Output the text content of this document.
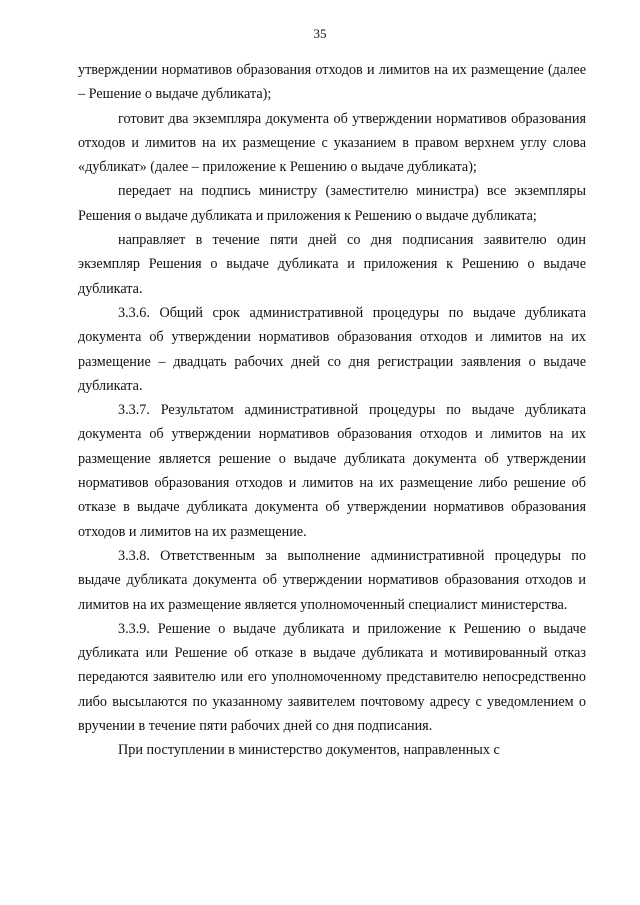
35

утверждении нормативов образования отходов и лимитов на их размещение (далее – Решение о выдаче дубликата);

готовит два экземпляра документа об утверждении нормативов образования отходов и лимитов на их размещение с указанием в правом верхнем углу слова «дубликат» (далее – приложение к Решению о выдаче дубликата);

передает на подпись министру (заместителю министра) все экземпляры Решения о выдаче дубликата и приложения к Решению о выдаче дубликата;

направляет в течение пяти дней со дня подписания заявителю один экземпляр Решения о выдаче дубликата и приложения к Решению о выдаче дубликата.

3.3.6. Общий срок административной процедуры по выдаче дубликата документа об утверждении нормативов образования отходов и лимитов на их размещение – двадцать рабочих дней со дня регистрации заявления о выдаче дубликата.

3.3.7. Результатом административной процедуры по выдаче дубликата документа об утверждении нормативов образования отходов и лимитов на их размещение является решение о выдаче дубликата документа об утверждении нормативов образования отходов и лимитов на их размещение либо решение об отказе в выдаче дубликата документа об утверждении нормативов образования отходов и лимитов на их размещение.

3.3.8. Ответственным за выполнение административной процедуры по выдаче дубликата документа об утверждении нормативов образования отходов и лимитов на их размещение является уполномоченный специалист министерства.

3.3.9. Решение о выдаче дубликата и приложение к Решению о выдаче дубликата или Решение об отказе в выдаче дубликата и мотивированный отказ передаются заявителю или его уполномоченному представителю непосредственно либо высылаются по указанному заявителем почтовому адресу с уведомлением о вручении в течение пяти рабочих дней со дня подписания.

При поступлении в министерство документов, направленных с
